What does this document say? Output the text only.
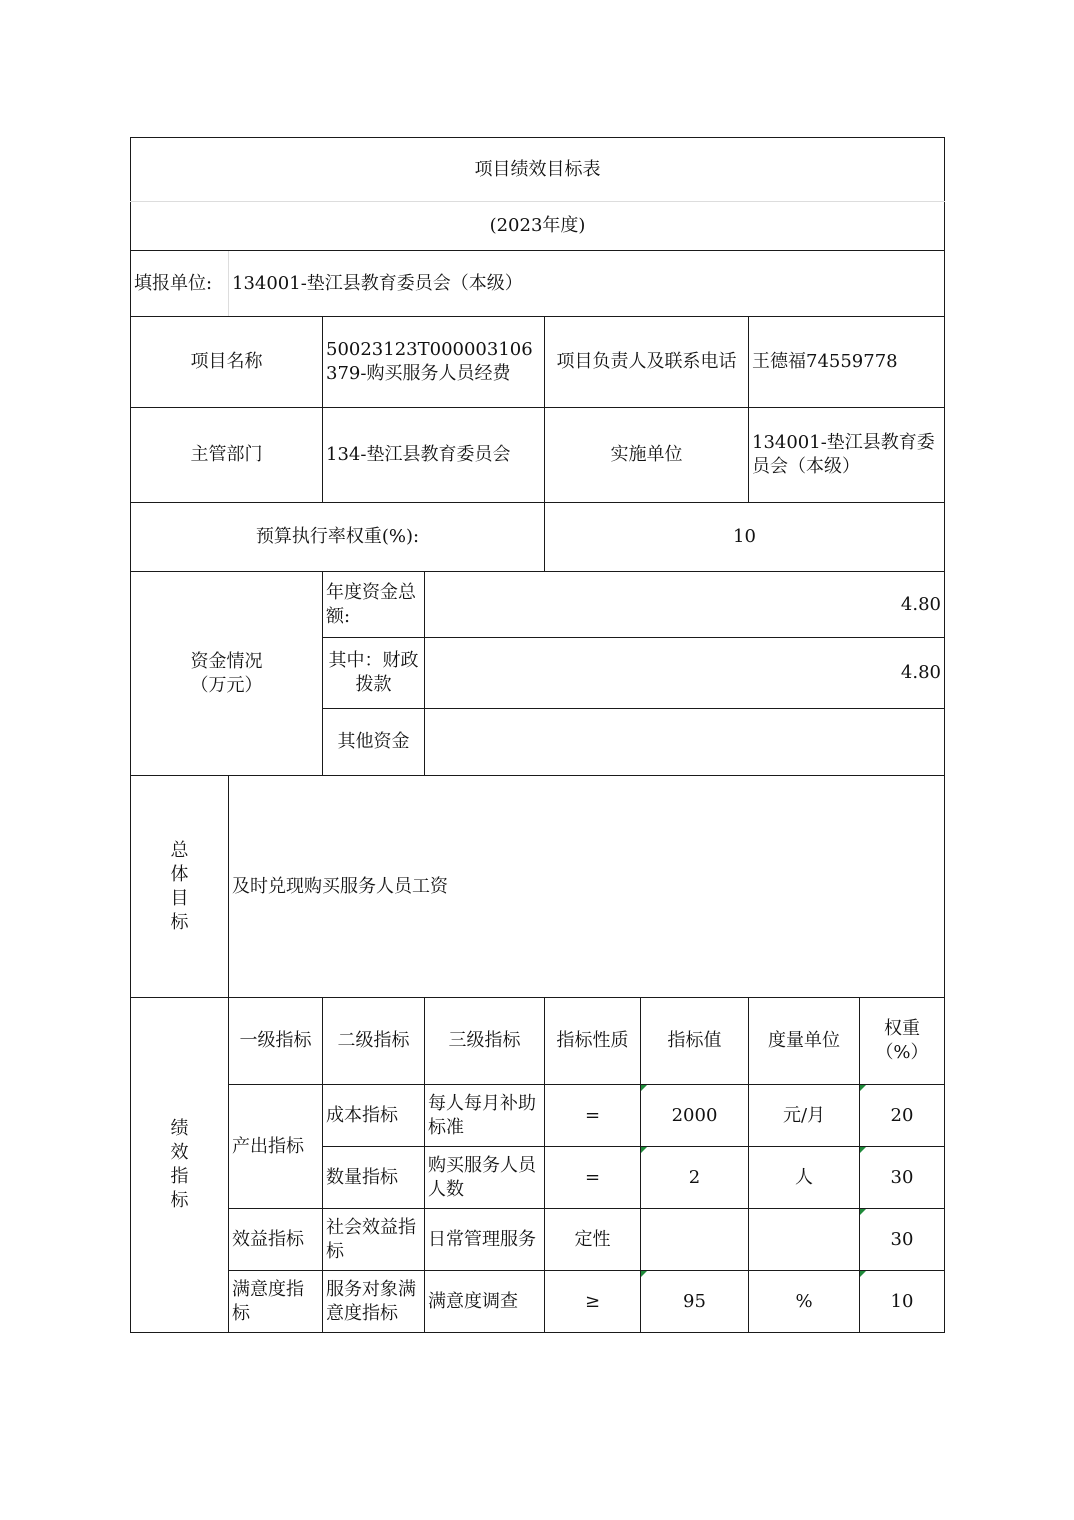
项目绩效目标表							
(2023年度)							
填报单位:	134001-垫江县教育委员会（本级）						
项目名称		50023123T000003106379-购买服务人员经费		项目负责人及联系电话		王德福74559778	
主管部门		134-垫江县教育委员会		实施单位		134001-垫江县教育委员会（本级）	
预算执行率权重(%):				10			

资金情况
（万元）		年度资金总额:	4.80				
		其中：财政拨款	4.80				
		其他资金					

总
体
目
标	及时兑现购买服务人员工资						

绩
效
指
标	一级指标	二级指标	三级指标	指标性质	指标值	度量单位	权重（%）
	产出指标	成本指标	每人每月补助标准	=	2000	元/月	20
		数量指标	购买服务人员人数	=	2	人	30
	效益指标	社会效益指标	日常管理服务	定性			30
	满意度指标	服务对象满意度指标	满意度调查	≥	95	%	10
